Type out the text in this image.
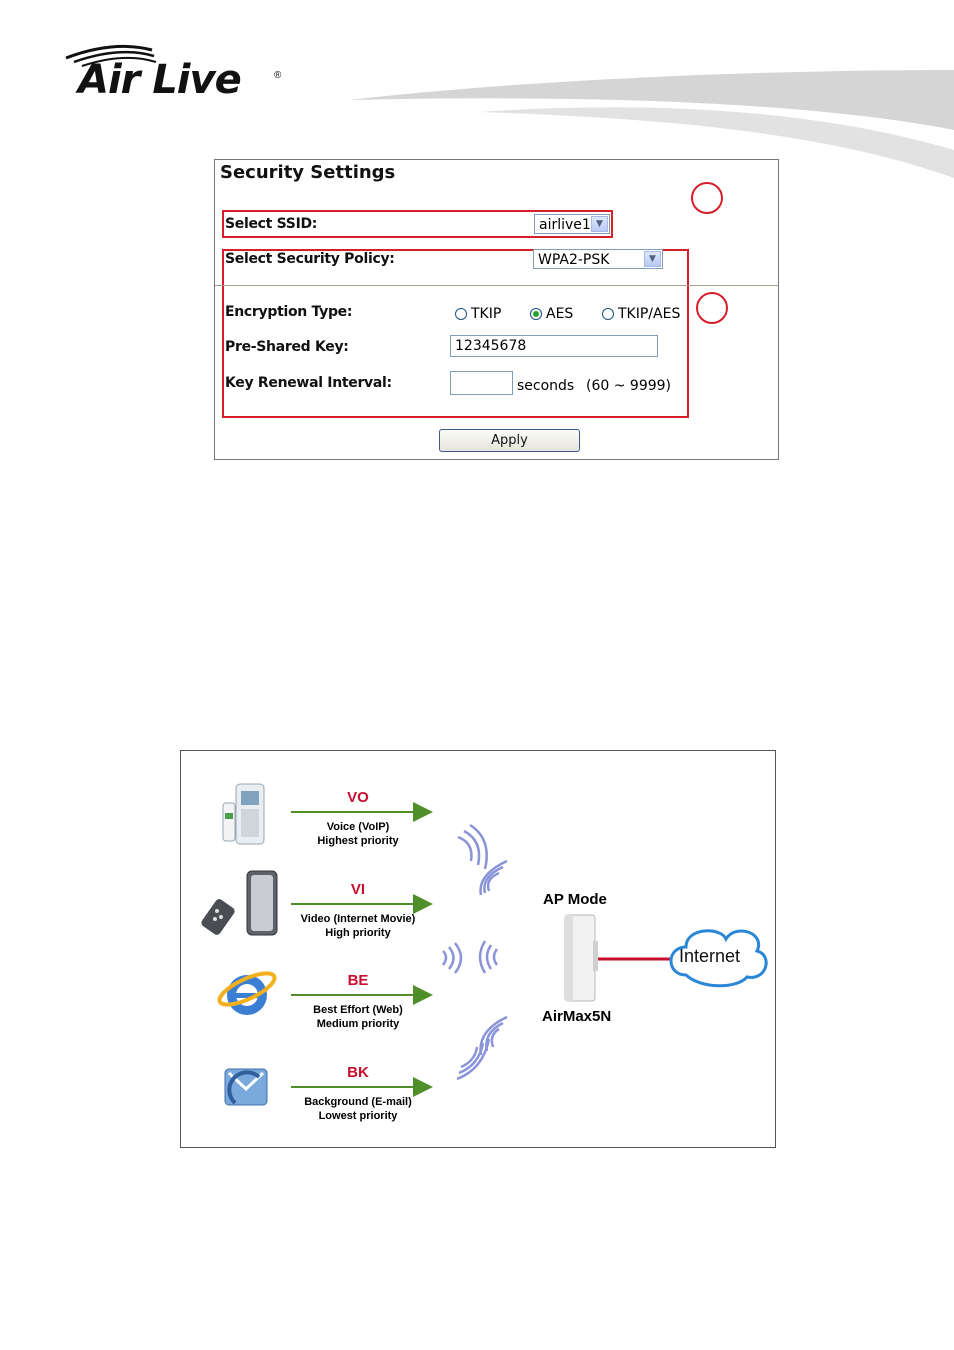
Air Live	®
Security Settings
Select SSID:	airlive1 ▼
Select Security Policy:	WPA2-PSK	▼
Encryption Type:	TKIP	AES	TKIP/AES
Pre-Shared Key:	12345678
Key Renewal Interval:	seconds (60 ~ 9999)
Apply
VO
Voice (VoIP)
Highest priority
VI
Video (Internet Movie)
High priority
BE
Best Effort (Web)
Medium priority
BK
Background (E-mail)
Lowest priority
AP Mode
AirMax5N
Internet
